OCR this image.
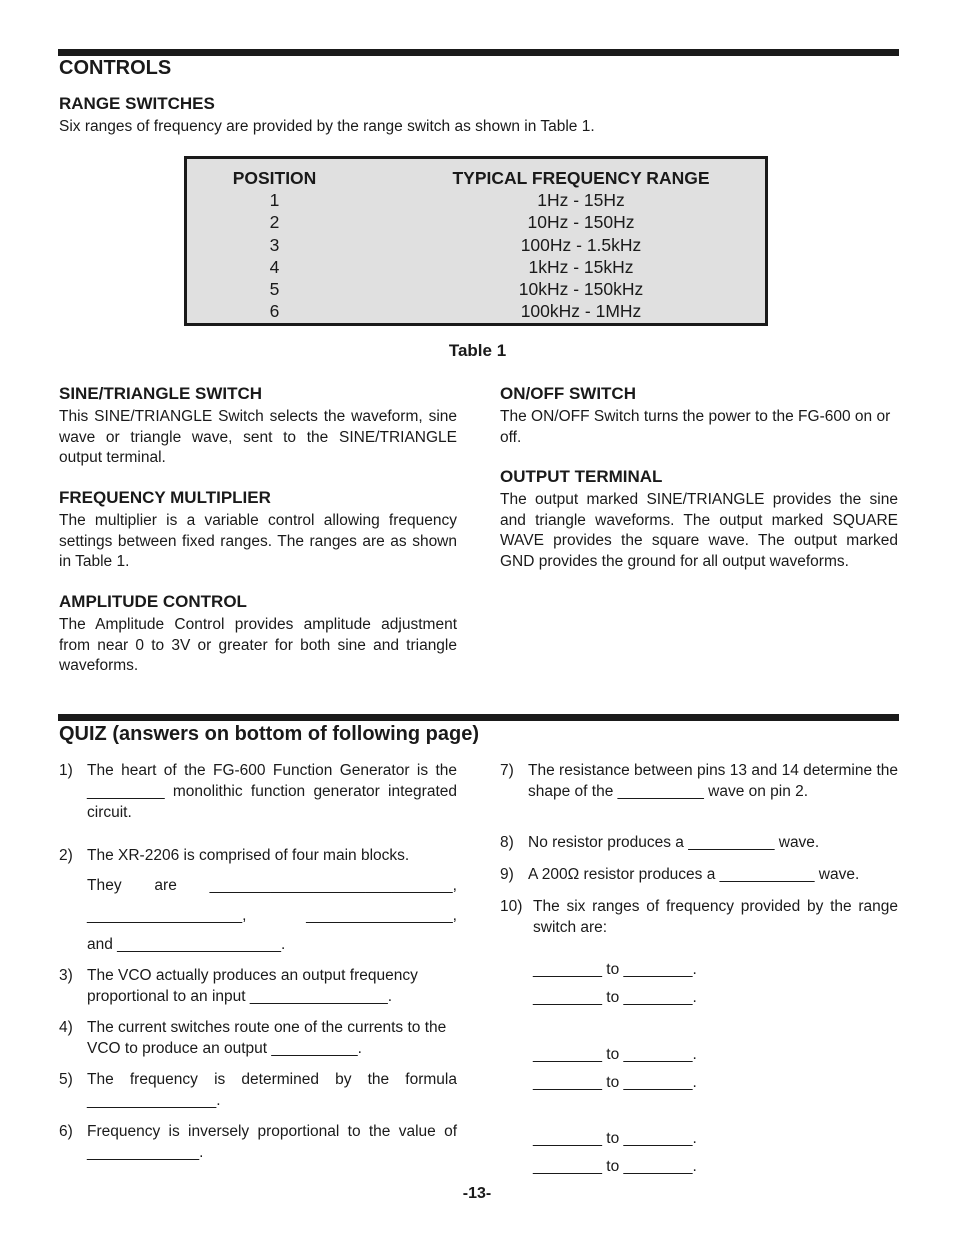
CONTROLS

RANGE SWITCHES

Six ranges of frequency are provided by the range switch as shown in Table 1.

POSITION
1
2
3
4
5
6
TYPICAL FREQUENCY RANGE
1Hz - 15Hz
10Hz - 150Hz
100Hz - 1.5kHz
1kHz - 15kHz
10kHz - 150kHz
100kHz - 1MHz
Table 1

SINE/TRIANGLE SWITCH

This SINE/TRIANGLE Switch selects the waveform, sine wave or triangle wave, sent to the SINE/TRIANGLE output terminal.

FREQUENCY MULTIPLIER

The multiplier is a variable control allowing frequency settings between fixed ranges. The ranges are as shown in Table 1.

AMPLITUDE CONTROL

The Amplitude Control provides amplitude adjustment from near 0 to 3V or greater for both sine and triangle waveforms.

ON/OFF SWITCH

The ON/OFF Switch turns the power to the FG-600 on or off.

OUTPUT TERMINAL

The output marked SINE/TRIANGLE provides the sine and triangle waveforms. The output marked SQUARE WAVE provides the square wave. The output marked GND provides the ground for all output waveforms.

QUIZ (answers on bottom of following page)
1) The heart of the FG-600 Function Generator is the _________ monolithic function generator integrated circuit.
2) The XR-2206 is comprised of four main blocks.
They are ____________________________,
__________________, _________________,
and ___________________.
3) The VCO actually produces an output frequency proportional to an input ________________.
4) The current switches route one of the currents to the VCO to produce an output __________.
5) The frequency is determined by the formula _______________.
6) Frequency is inversely proportional to the value of _____________.
7) The resistance between pins 13 and 14 determine the shape of the __________ wave on pin 2.
8) No resistor produces a __________ wave.
9) A 200Ω resistor produces a ___________ wave.
10) The six ranges of frequency provided by the range switch are:
________ to ________.
________ to ________.
________ to ________.
________ to ________.
________ to ________.
________ to ________.
-13-
